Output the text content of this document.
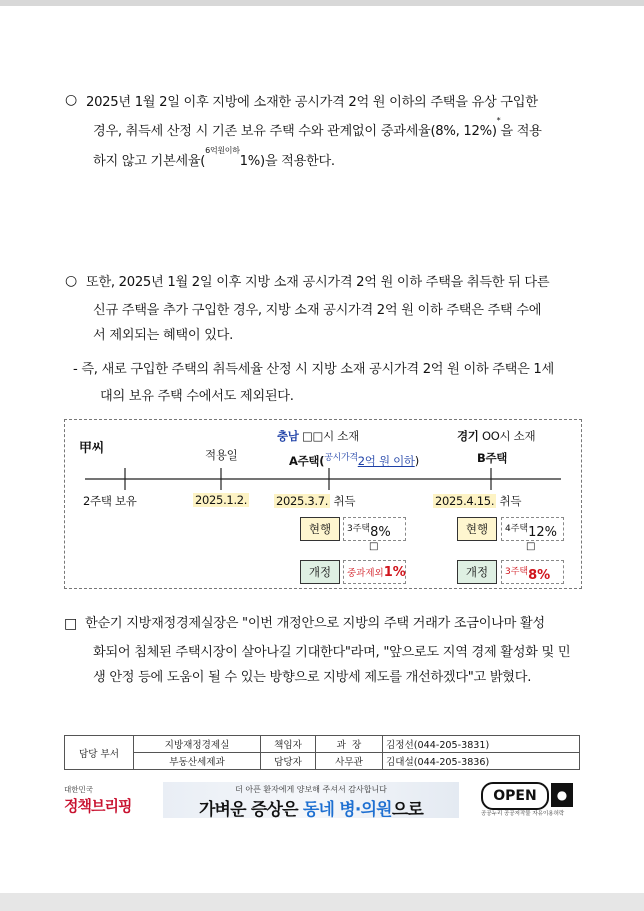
○ 2025년 1월 2일 이후 지방에 소재한 공시가격 2억 원 이하의 주택을 유상 구입한
경우, 취득세 산정 시 기존 보유 주택 수와 관계없이 중과세율(8%, 12%)*을 적용
하지 않고 기본세율($^{6억원이하}$1%)을 적용한다.
○ 또한, 2025년 1월 2일 이후 지방 소재 공시가격 2억 원 이하 주택을 취득한 뒤 다른
신규 주택을 추가 구입한 경우, 지방 소재 공시가격 2억 원 이하 주택은 주택 수에
서 제외되는 혜택이 있다.
- 즉, 새로 구입한 주택의 취득세율 산정 시 지방 소재 공시가격 2억 원 이하 주택은 1세
대의 보유 주택 수에서도 제외된다.
甲씨	적용일
충남 □□시 소재
A주택($^{공시가격}$2억 원 이하)
경기 OO시 소재
B주택
2주택 보유	2025.1.2.	2025.3.7. 취득	2025.4.15. 취득
현행	$^{3주택}$8%
□
개정	중과제외1%
현행	$^{4주택}$12%
□
개정	$^{3주택}$8%
□ 한순기 지방재정경제실장은 "이번 개정안으로 지방의 주택 거래가 조금이나마 활성
화되어 침체된 주택시장이 살아나길 기대한다"라며, "앞으로도 지역 경제 활성화 및 민
생 안정 등에 도움이 될 수 있는 방향으로 지방세 제도를 개선하겠다"고 밝혔다.
담당 부서	지방재정경제실	책임자	과  장	김정선(044-205-3831)
	부동산세제과	담당자	사무관	김대설(044-205-3836)
대한민국
정책브리핑
더 아픈 환자에게 양보해 주셔서 감사합니다
가벼운 증상은 동네 병·의원으로
OPEN	●
공공누리 공공저작물 자유이용허락
